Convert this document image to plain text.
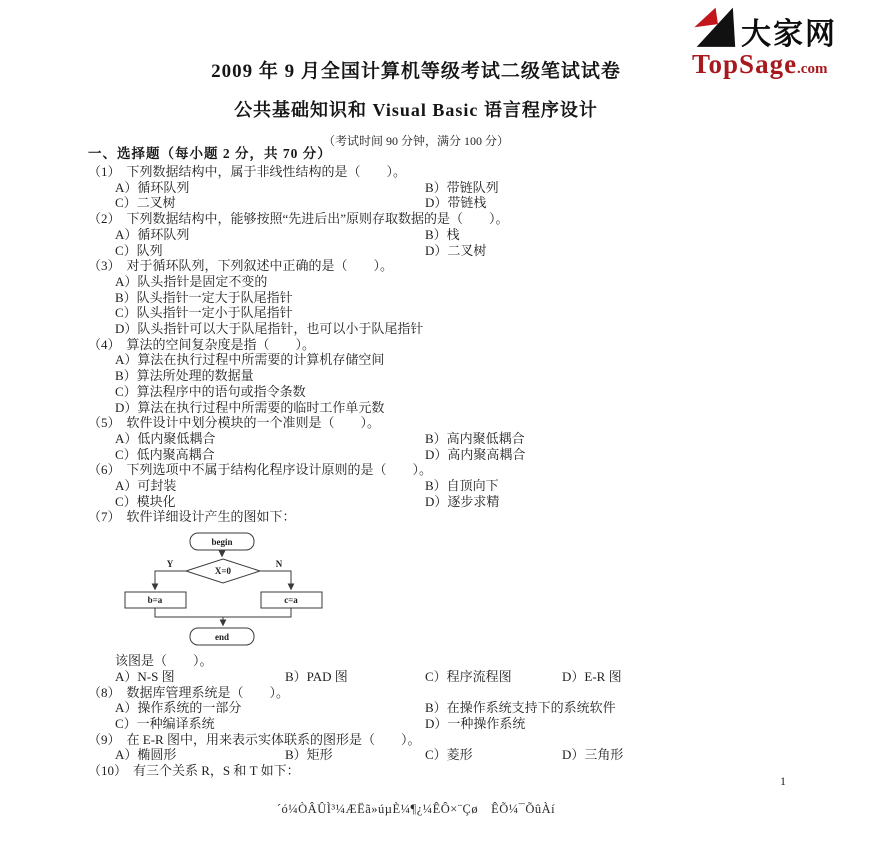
大家网
TopSage.com
2009 年 9 月全国计算机等级考试二级笔试试卷
公共基础知识和 Visual Basic 语言程序设计
（考试时间 90 分钟，满分 100 分）
一、选择题（每小题 2 分，共 70 分）
（1） 下列数据结构中，属于非线性结构的是（　　）。
A）循环队列	B）带链队列
C）二叉树	D）带链栈
（2） 下列数据结构中，能够按照“先进后出”原则存取数据的是（　　）。
A）循环队列	B）栈
C）队列	D）二叉树
（3） 对于循环队列，下列叙述中正确的是（　　）。
A）队头指针是固定不变的
B）队头指针一定大于队尾指针
C）队头指针一定小于队尾指针
D）队头指针可以大于队尾指针，也可以小于队尾指针
（4） 算法的空间复杂度是指（　　）。
A）算法在执行过程中所需要的计算机存储空间
B）算法所处理的数据量
C）算法程序中的语句或指令条数
D）算法在执行过程中所需要的临时工作单元数
（5） 软件设计中划分模块的一个准则是（　　）。
A）低内聚低耦合	B）高内聚低耦合
C）低内聚高耦合	D）高内聚高耦合
（6） 下列选项中不属于结构化程序设计原则的是（　　）。
A）可封装	B）自顶向下
C）模块化	D）逐步求精
（7） 软件详细设计产生的图如下：
begin
X=0
Y	N
b=a	c=a
end
该图是（　　）。
A）N-S 图	B）PAD 图	C）程序流程图	D）E-R 图
（8） 数据库管理系统是（　　）。
A）操作系统的一部分	B）在操作系统支持下的系统软件
C）一种编译系统	D）一种操作系统
（9） 在 E-R 图中，用来表示实体联系的图形是（　　）。
A）椭圆形	B）矩形	C）菱形	D）三角形
（10） 有三个关系 R，S 和 T 如下：
1
´ó¼ÒÂÛÌ³¼ÆËã»úµÈ¼¶¿¼ÊÔ×¨Çø　ÊÕ¼¯ÕûÀí
